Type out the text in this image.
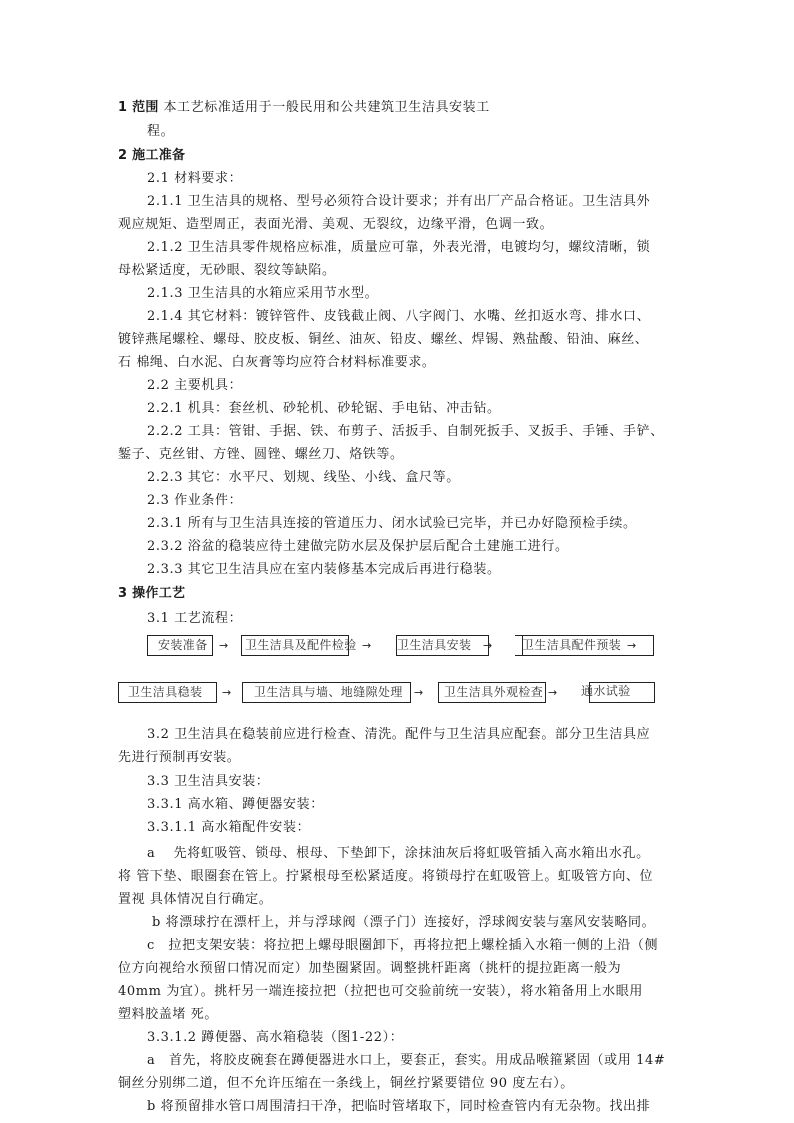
1 范围 本工艺标准适用于一般民用和公共建筑卫生洁具安装工
程。
2 施工准备
2.1 材料要求：
2.1.1 卫生洁具的规格、型号必须符合设计要求；并有出厂产品合格证。卫生洁具外
观应规矩、造型周正，表面光滑、美观、无裂纹，边缘平滑，色调一致。
2.1.2 卫生洁具零件规格应标准，质量应可靠，外表光滑，电镀均匀，螺纹清晰，锁
母松紧适度，无砂眼、裂纹等缺陷。
2.1.3 卫生洁具的水箱应采用节水型。
2.1.4 其它材料：镀锌管件、皮钱截止阀、八字阀门、水嘴、丝扣返水弯、排水口、
镀锌燕尾螺栓、螺母、胶皮板、铜丝、油灰、铅皮、螺丝、焊锡、熟盐酸、铅油、麻丝、
石 棉绳、白水泥、白灰膏等均应符合材料标准要求。
2.2 主要机具：
2.2.1 机具：套丝机、砂轮机、砂轮锯、手电钻、冲击钻。
2.2.2 工具：管钳、手据、铁、布剪子、活扳手、自制死扳手、叉扳手、手锤、手铲、
錾子、克丝钳、方锉、圆锉、螺丝刀、烙铁等。
2.2.3 其它：水平尺、划规、线坠、小线、盒尺等。
2.3 作业条件：
2.3.1 所有与卫生洁具连接的管道压力、闭水试验已完毕，并已办好隐预检手续。
2.3.2 浴盆的稳装应待土建做完防水层及保护层后配合土建施工进行。
2.3.3 其它卫生洁具应在室内装修基本完成后再进行稳装。
3 操作工艺
3.1 工艺流程：
安装准备	→	卫生洁具及配件检验 → 卫生洁具安装	→	卫生洁具配件预装 →
卫生洁具稳装	→	卫生洁具与墙、地缝隙处理	→	卫生洁具外观检查 →	通水试验
3.2 卫生洁具在稳装前应进行检查、清洗。配件与卫生洁具应配套。部分卫生洁具应
先进行预制再安装。
3.3 卫生洁具安装：
3.3.1 高水箱、蹲便器安装：
3.3.1.1 高水箱配件安装：
a　 先将虹吸管、锁母、根母、下垫卸下，涂抹油灰后将虹吸管插入高水箱出水孔。
将 管下垫、眼圈套在管上。拧紧根母至松紧适度。将锁母拧在虹吸管上。虹吸管方向、位
置视 具体情况自行确定。
b 将漂球拧在漂杆上，并与浮球阀（漂子门）连接好，浮球阀安装与塞风安装略同。
c　拉把支架安装：将拉把上螺母眼圈卸下，再将拉把上螺栓插入水箱一侧的上沿（侧
位方向视给水预留口情况而定）加垫圈紧固。调整挑杆距离（挑杆的提拉距离一般为
40mm 为宜）。挑杆另一端连接拉把（拉把也可交验前统一安装），将水箱备用上水眼用
塑料胶盖堵 死。
3.3.1.2 蹲便器、高水箱稳装（图1-22）：
a　首先，将胶皮碗套在蹲便器进水口上，要套正，套实。用成品喉箍紧固（或用 14#
铜丝分别绑二道，但不允许压缩在一条线上，铜丝拧紧要错位 90 度左右）。
b 将预留排水管口周围清扫干净，把临时管堵取下，同时检查管内有无杂物。找出排
